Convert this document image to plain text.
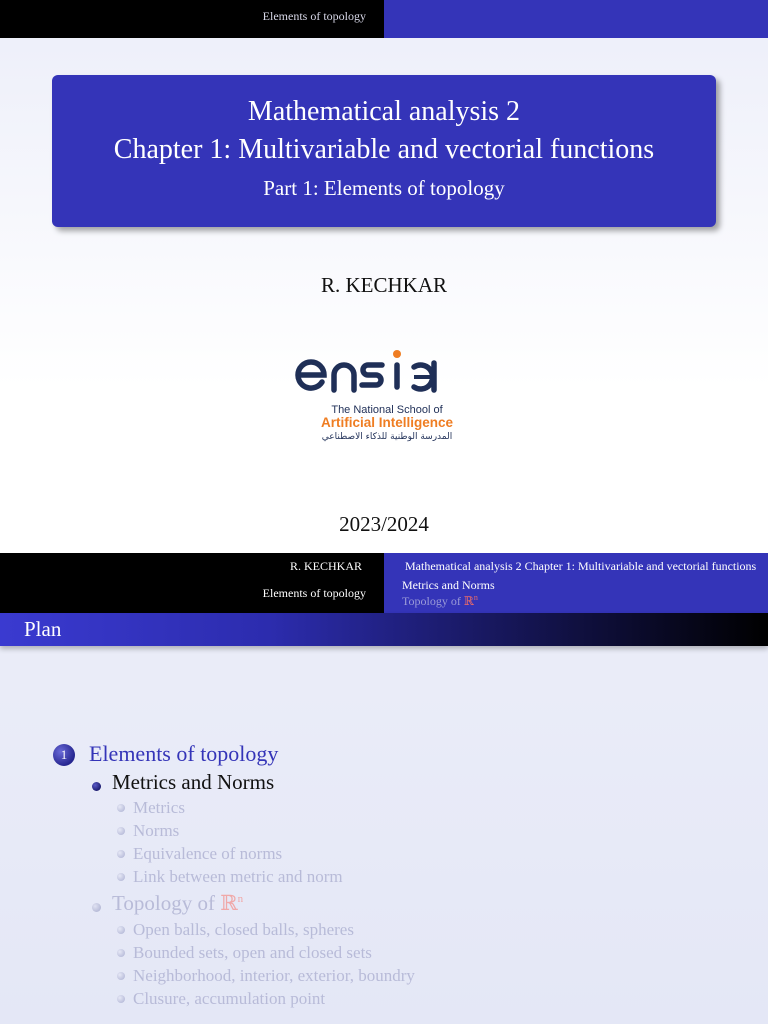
Elements of topology
Mathematical analysis 2
Chapter 1: Multivariable and vectorial functions
Part 1: Elements of topology
R. KECHKAR
The National School of
Artificial Intelligence
المدرسة الوطنية للذكاء الاصطناعي
2023/2024
R. KECHKAR
Elements of topology
Mathematical analysis 2 Chapter 1: Multivariable and vectorial functions
Metrics and Norms
Topology of ℝ$^n$
Plan
1 Elements of topology
Metrics and Norms
Metrics
Norms
Equivalence of norms
Link between metric and norm
Topology of ℝ$^n$
Open balls, closed balls, spheres
Bounded sets, open and closed sets
Neighborhood, interior, exterior, boundry
Clusure, accumulation point
